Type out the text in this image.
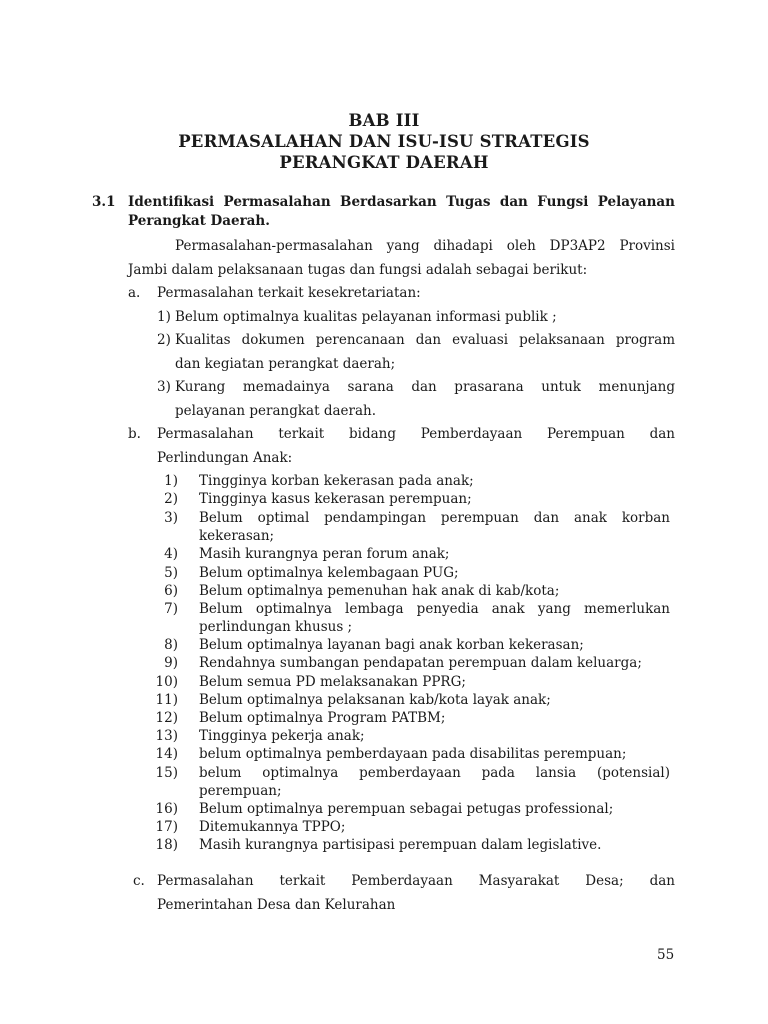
BAB III
PERMASALAHAN DAN ISU-ISU STRATEGIS
PERANGKAT DAERAH
3.1 Identifikasi Permasalahan Berdasarkan Tugas dan Fungsi Pelayanan
Perangkat Daerah.
Permasalahan-permasalahan yang dihadapi oleh DP3AP2 Provinsi
Jambi dalam pelaksanaan tugas dan fungsi adalah sebagai berikut:
a. Permasalahan terkait kesekretariatan:
1) Belum optimalnya kualitas pelayanan informasi publik ;
2) Kualitas dokumen perencanaan dan evaluasi pelaksanaan program
dan kegiatan perangkat daerah;
3) Kurang memadainya sarana dan prasarana untuk menunjang
pelayanan perangkat daerah.
b. Permasalahan terkait bidang Pemberdayaan Perempuan dan
Perlindungan Anak:
1) Tingginya korban kekerasan pada anak;
2) Tingginya kasus kekerasan perempuan;
3) Belum optimal pendampingan perempuan dan anak korban
kekerasan;
4) Masih kurangnya peran forum anak;
5) Belum optimalnya kelembagaan PUG;
6) Belum optimalnya pemenuhan hak anak di kab/kota;
7) Belum optimalnya lembaga penyedia anak yang memerlukan
perlindungan khusus ;
8) Belum optimalnya layanan bagi anak korban kekerasan;
9) Rendahnya sumbangan pendapatan perempuan dalam keluarga;
10) Belum semua PD melaksanakan PPRG;
11) Belum optimalnya pelaksanan kab/kota layak anak;
12) Belum optimalnya Program PATBM;
13) Tingginya pekerja anak;
14) belum optimalnya pemberdayaan pada disabilitas perempuan;
15) belum optimalnya pemberdayaan pada lansia (potensial)
perempuan;
16) Belum optimalnya perempuan sebagai petugas professional;
17) Ditemukannya TPPO;
18) Masih kurangnya partisipasi perempuan dalam legislative.
c. Permasalahan terkait Pemberdayaan Masyarakat Desa; dan
Pemerintahan Desa dan Kelurahan
55
